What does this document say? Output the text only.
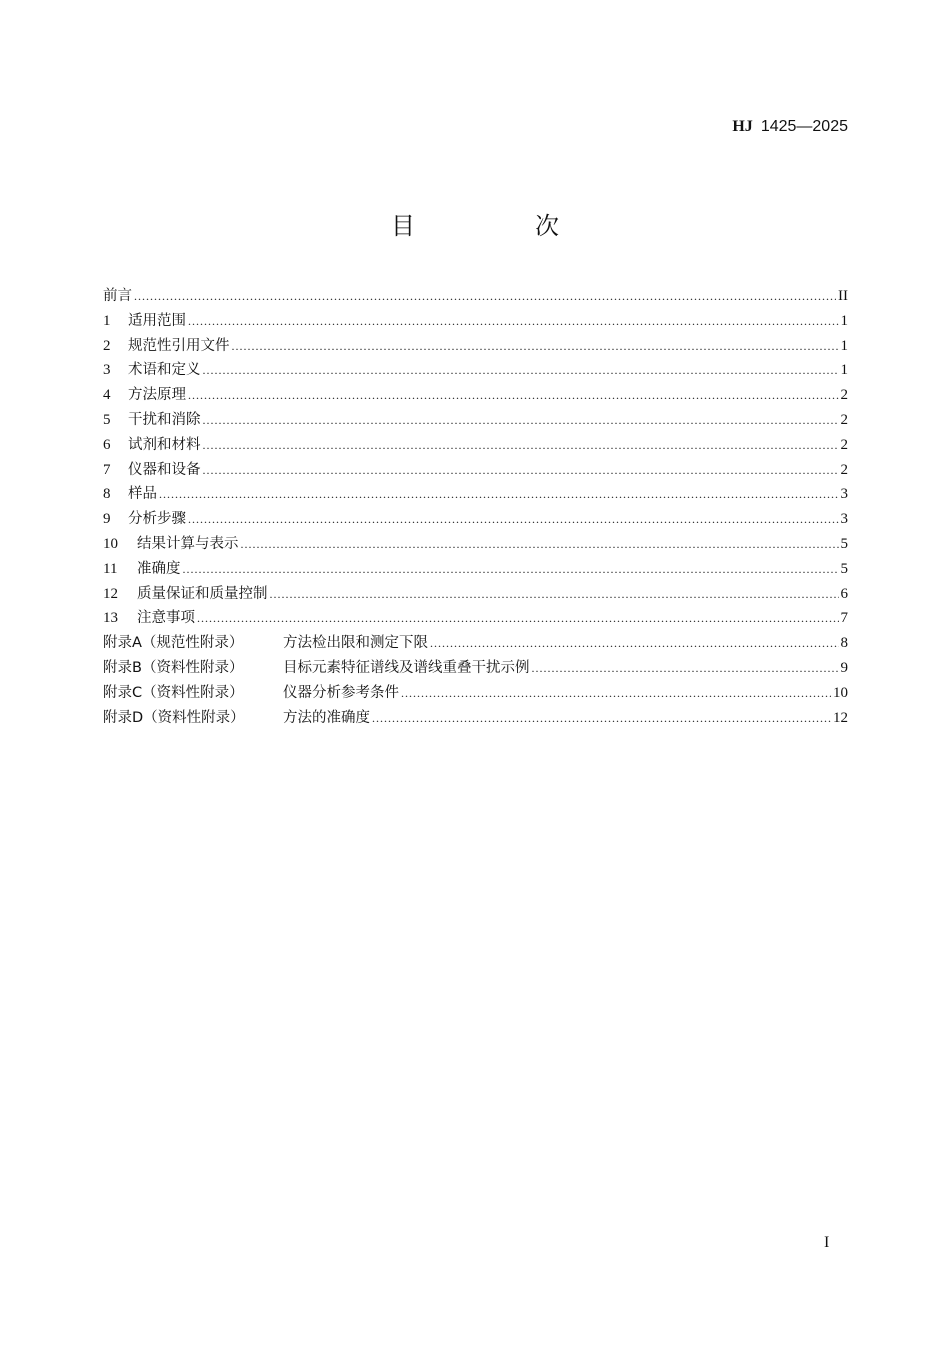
HJ 1425—2025
目　次
前言 .....	II
1	适用范围 .....	1
2	规范性引用文件 .....	1
3	术语和定义 .....	1
4	方法原理 .....	2
5	干扰和消除 .....	2
6	试剂和材料 .....	2
7	仪器和设备 .....	2
8	样品 .....	3
9	分析步骤 .....	3
10	结果计算与表示 .....	5
11	准确度 .....	5
12	质量保证和质量控制 .....	6
13	注意事项 .....	7
附录A（规范性附录）	方法检出限和测定下限 .....	8
附录B（资料性附录）	目标元素特征谱线及谱线重叠干扰示例 .....	9
附录C（资料性附录）	仪器分析参考条件 .....	10
附录D（资料性附录）	方法的准确度 .....	12
I
